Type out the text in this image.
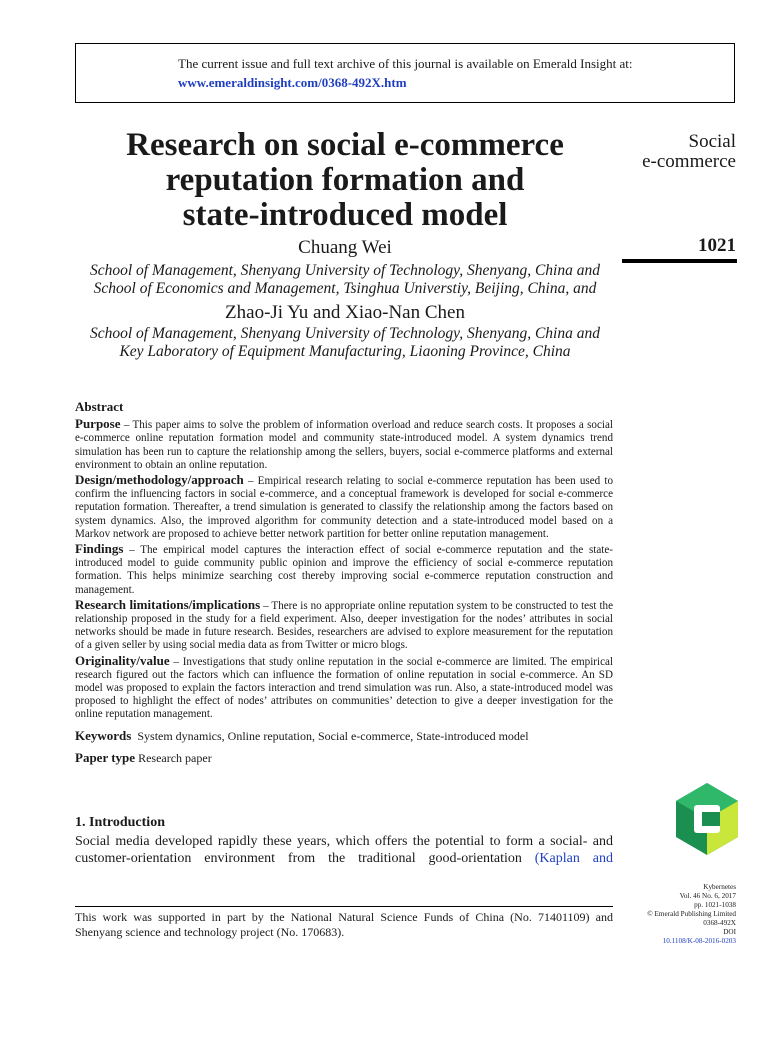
The current issue and full text archive of this journal is available on Emerald Insight at:
www.emeraldinsight.com/0368-492X.htm
Research on social e-commerce
reputation formation and
state-introduced model
Social
e-commerce
1021
Chuang Wei
School of Management, Shenyang University of Technology, Shenyang, China and
School of Economics and Management, Tsinghua Universtiy, Beijing, China, and
Zhao-Ji Yu and Xiao-Nan Chen
School of Management, Shenyang University of Technology, Shenyang, China and
Key Laboratory of Equipment Manufacturing, Liaoning Province, China
Abstract

Purpose – This paper aims to solve the problem of information overload and reduce search costs. It proposes a social e-commerce online reputation formation model and community state-introduced model. A system dynamics trend simulation has been run to capture the relationship among the sellers, buyers, social e-commerce platforms and external environment to obtain an online reputation.

Design/methodology/approach – Empirical research relating to social e-commerce reputation has been used to confirm the influencing factors in social e-commerce, and a conceptual framework is developed for social e-commerce reputation formation. Thereafter, a trend simulation is generated to classify the relationship among the factors based on system dynamics. Also, the improved algorithm for community detection and a state-introduced model based on a Markov network are proposed to achieve better network partition for better online reputation management.

Findings – The empirical model captures the interaction effect of social e-commerce reputation and the state-introduced model to guide community public opinion and improve the efficiency of social e-commerce reputation formation. This helps minimize searching cost thereby improving social e-commerce reputation construction and management.

Research limitations/implications – There is no appropriate online reputation system to be constructed to test the relationship proposed in the study for a field experiment. Also, deeper investigation for the nodes’ attributes in social networks should be made in future research. Besides, researchers are advised to explore measurement for the reputation of a given seller by using social media data as from Twitter or micro blogs.

Originality/value – Investigations that study online reputation in the social e-commerce are limited. The empirical research figured out the factors which can influence the formation of online reputation in social e-commerce. An SD model was proposed to explain the factors interaction and trend simulation was run. Also, a state-introduced model was proposed to highlight the effect of nodes’ attributes on communities’ detection to give a deeper investigation for the online reputation management.

Keywords System dynamics, Online reputation, Social e-commerce, State-introduced model

Paper type Research paper

1. Introduction

Social media developed rapidly these years, which offers the potential to form a social- and customer-orientation environment from the traditional good-orientation (Kaplan and

This work was supported in part by the National Natural Science Funds of China (No. 71401109) and Shenyang science and technology project (No. 170683).

Kybernetes
Vol. 46 No. 6, 2017
pp. 1021-1038
© Emerald Publishing Limited
0368-492X
DOI
10.1108/K-08-2016-0203
